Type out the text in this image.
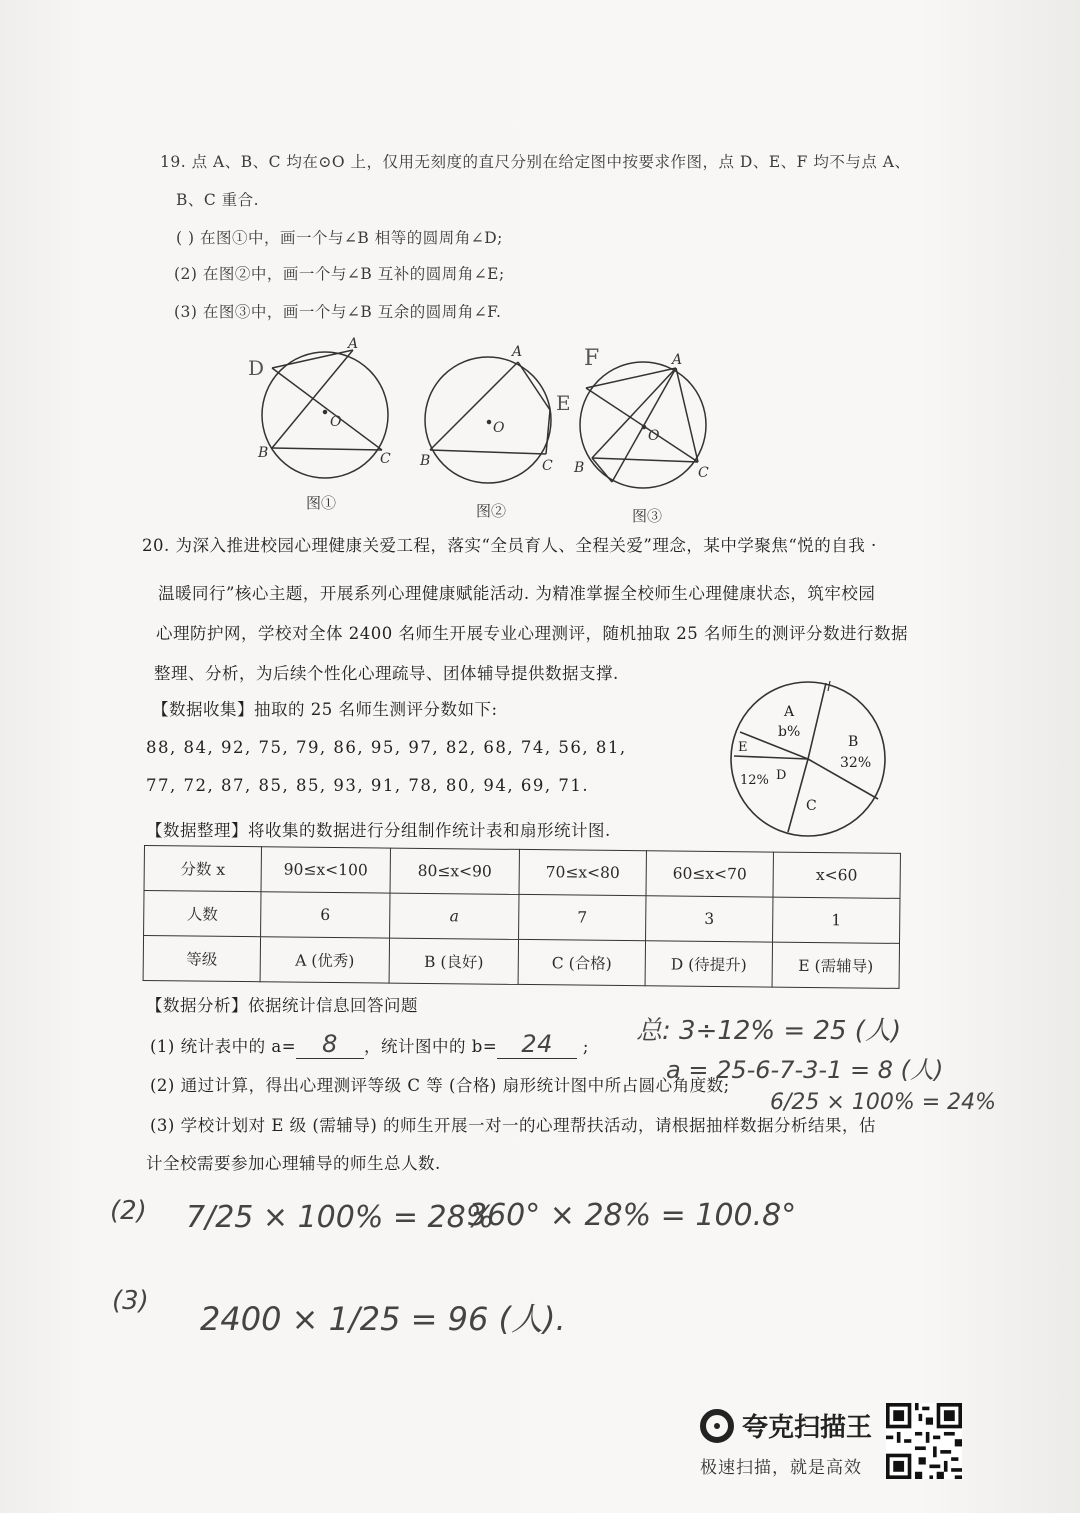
19. 点 A、B、C 均在⊙O 上，仅用无刻度的直尺分别在给定图中按要求作图，点 D、E、F 均不与点 A、
B、C 重合.
( ) 在图①中，画一个与∠B 相等的圆周角∠D;
(2) 在图②中，画一个与∠B 互补的圆周角∠E;
(3) 在图③中，画一个与∠B 互余的圆周角∠F.
A
B	C
O
D
A
B	C
O
E
A
B	C
O
F
图①	图②	图③
20. 为深入推进校园心理健康关爱工程，落实“全员育人、全程关爱”理念，某中学聚焦“悦的自我 ·
温暖同行”核心主题，开展系列心理健康赋能活动. 为精准掌握全校师生心理健康状态，筑牢校园
心理防护网，学校对全体 2400 名师生开展专业心理测评，随机抽取 25 名师生的测评分数进行数据
整理、分析，为后续个性化心理疏导、团体辅导提供数据支撑.
【数据收集】抽取的 25 名师生测评分数如下:
88, 84, 92, 75, 79, 86, 95, 97, 82, 68, 74, 56, 81,
77, 72, 87, 85, 85, 93, 91, 78, 80, 94, 69, 71.
【数据整理】将收集的数据进行分组制作统计表和扇形统计图.
A
b%
B
32%
C
D
12%
E
分数 x	90≤x<100	80≤x<90	70≤x<80	60≤x<70	x<60
人数	6	a	7	3	1
等级	A (优秀)	B (良好)	C (合格)	D (待提升)	E (需辅导)
【数据分析】依据统计信息回答问题
(1) 统计表中的 a= 8 ，统计图中的 b= 24 ;
(2) 通过计算，得出心理测评等级 C 等 (合格) 扇形统计图中所占圆心角度数;
(3) 学校计划对 E 级 (需辅导) 的师生开展一对一的心理帮扶活动，请根据抽样数据分析结果，估
计全校需要参加心理辅导的师生总人数.
总: 3÷12% = 25 (人)
a = 25-6-7-3-1 = 8 (人)
6/25 × 100% = 24%
(2) 7/25 × 100% = 28%
360° × 28% = 100.8°
(3) 2400 × 1/25 = 96 (人).
夸克扫描王
极速扫描，就是高效
